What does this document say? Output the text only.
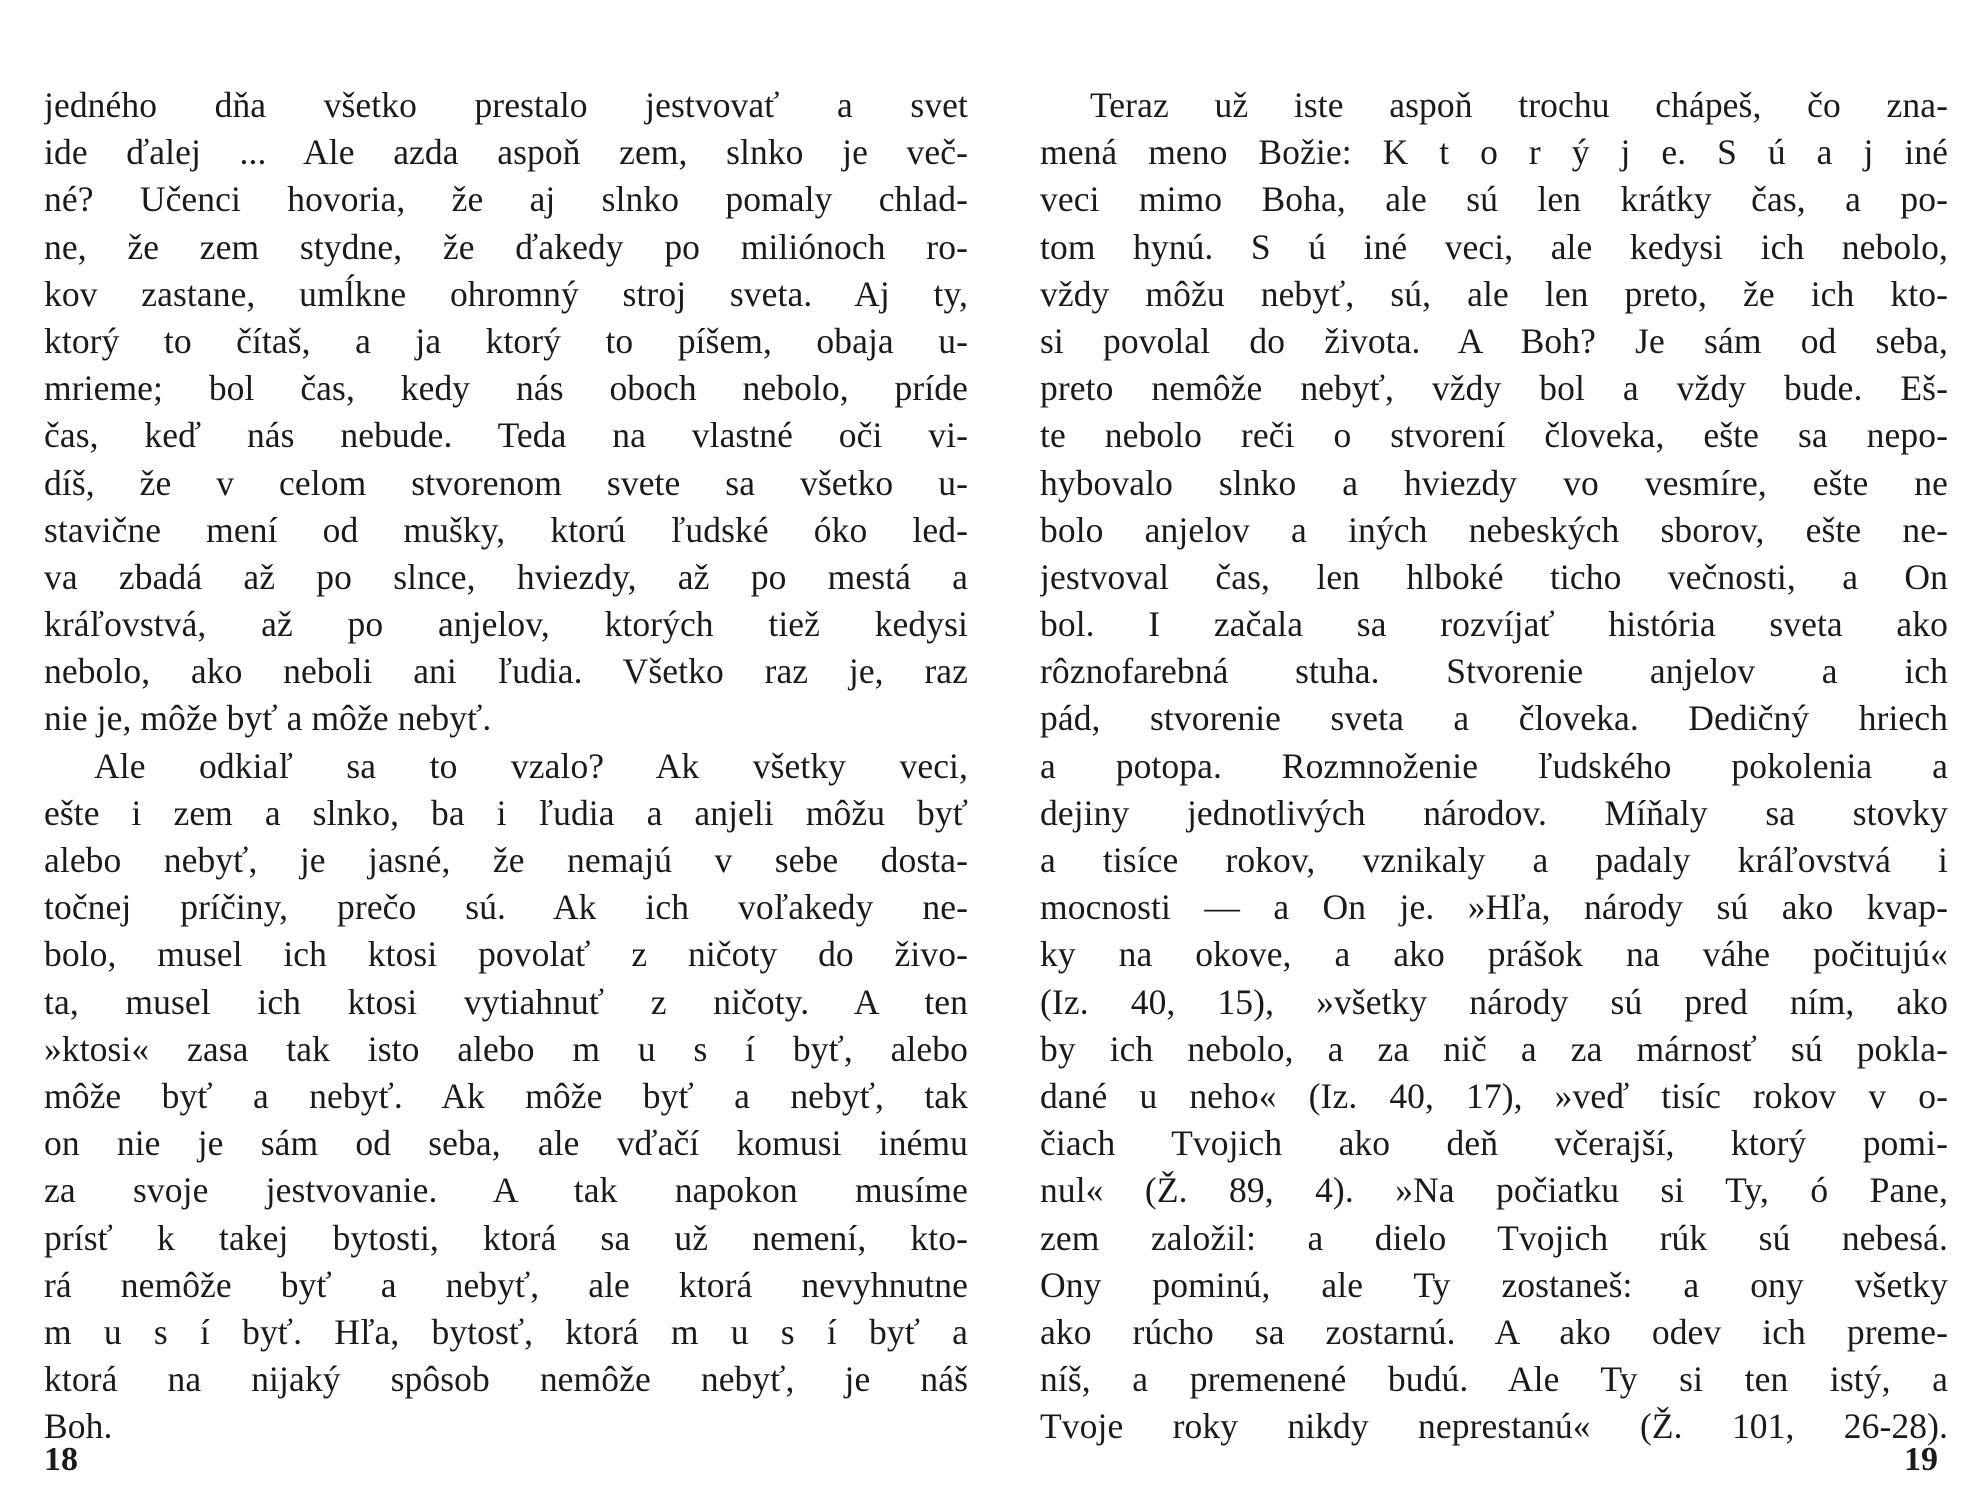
jedného dňa všetko prestalo jestvovať a svet
ide ďalej ... Ale azda aspoň zem, slnko je več-
né? Učenci hovoria, že aj slnko pomaly chlad-
ne, že zem stydne, že ďakedy po miliónoch ro-
kov zastane, umĺkne ohromný stroj sveta. Aj ty,
ktorý to čítaš, a ja ktorý to píšem, obaja u-
mrieme; bol čas, kedy nás oboch nebolo, príde
čas, keď nás nebude. Teda na vlastné oči vi-
díš, že v celom stvorenom svete sa všetko u-
stavične mení od mušky, ktorú ľudské óko led-
va zbadá až po slnce, hviezdy, až po mestá a
kráľovstvá, až po anjelov, ktorých tiež kedysi
nebolo, ako neboli ani ľudia. Všetko raz je, raz
nie je, môže byť a môže nebyť.
Ale odkiaľ sa to vzalo? Ak všetky veci,
ešte i zem a slnko, ba i ľudia a anjeli môžu byť
alebo nebyť, je jasné, že nemajú v sebe dosta-
točnej príčiny, prečo sú. Ak ich voľakedy ne-
bolo, musel ich ktosi povolať z ničoty do živo-
ta, musel ich ktosi vytiahnuť z ničoty. A ten
»ktosi« zasa tak isto alebo m u s í byť, alebo
môže byť a nebyť. Ak môže byť a nebyť, tak
on nie je sám od seba, ale vďačí komusi inému
za svoje jestvovanie. A tak napokon musíme
prísť k takej bytosti, ktorá sa už nemení, kto-
rá nemôže byť a nebyť, ale ktorá nevyhnutne
m u s í byť. Hľa, bytosť, ktorá m u s í byť a
ktorá na nijaký spôsob nemôže nebyť, je náš
Boh.
Teraz už iste aspoň trochu chápeš, čo zna-
mená meno Božie: K t o r ý j e. S ú a j iné
veci mimo Boha, ale sú len krátky čas, a po-
tom hynú. S ú iné veci, ale kedysi ich nebolo,
vždy môžu nebyť, sú, ale len preto, že ich kto-
si povolal do života. A Boh? Je sám od seba,
preto nemôže nebyť, vždy bol a vždy bude. Eš-
te nebolo reči o stvorení človeka, ešte sa nepo-
hybovalo slnko a hviezdy vo vesmíre, ešte ne
bolo anjelov a iných nebeských sborov, ešte ne-
jestvoval čas, len hlboké ticho večnosti, a On
bol. I začala sa rozvíjať história sveta ako
rôznofarebná stuha. Stvorenie anjelov a ich
pád, stvorenie sveta a človeka. Dedičný hriech
a potopa. Rozmnoženie ľudského pokolenia a
dejiny jednotlivých národov. Míňaly sa stovky
a tisíce rokov, vznikaly a padaly kráľovstvá i
mocnosti — a On je. »Hľa, národy sú ako kvap-
ky na okove, a ako prášok na váhe počitujú«
(Iz. 40, 15), »všetky národy sú pred ním, ako
by ich nebolo, a za nič a za márnosť sú pokla-
dané u neho« (Iz. 40, 17), »veď tisíc rokov v o-
čiach Tvojich ako deň včerajší, ktorý pomi-
nul« (Ž. 89, 4). »Na počiatku si Ty, ó Pane,
zem založil: a dielo Tvojich rúk sú nebesá.
Ony pominú, ale Ty zostaneš: a ony všetky
ako rúcho sa zostarnú. A ako odev ich preme-
níš, a premenené budú. Ale Ty si ten istý, a
Tvoje roky nikdy neprestanú« (Ž. 101, 26-28).
18	19
